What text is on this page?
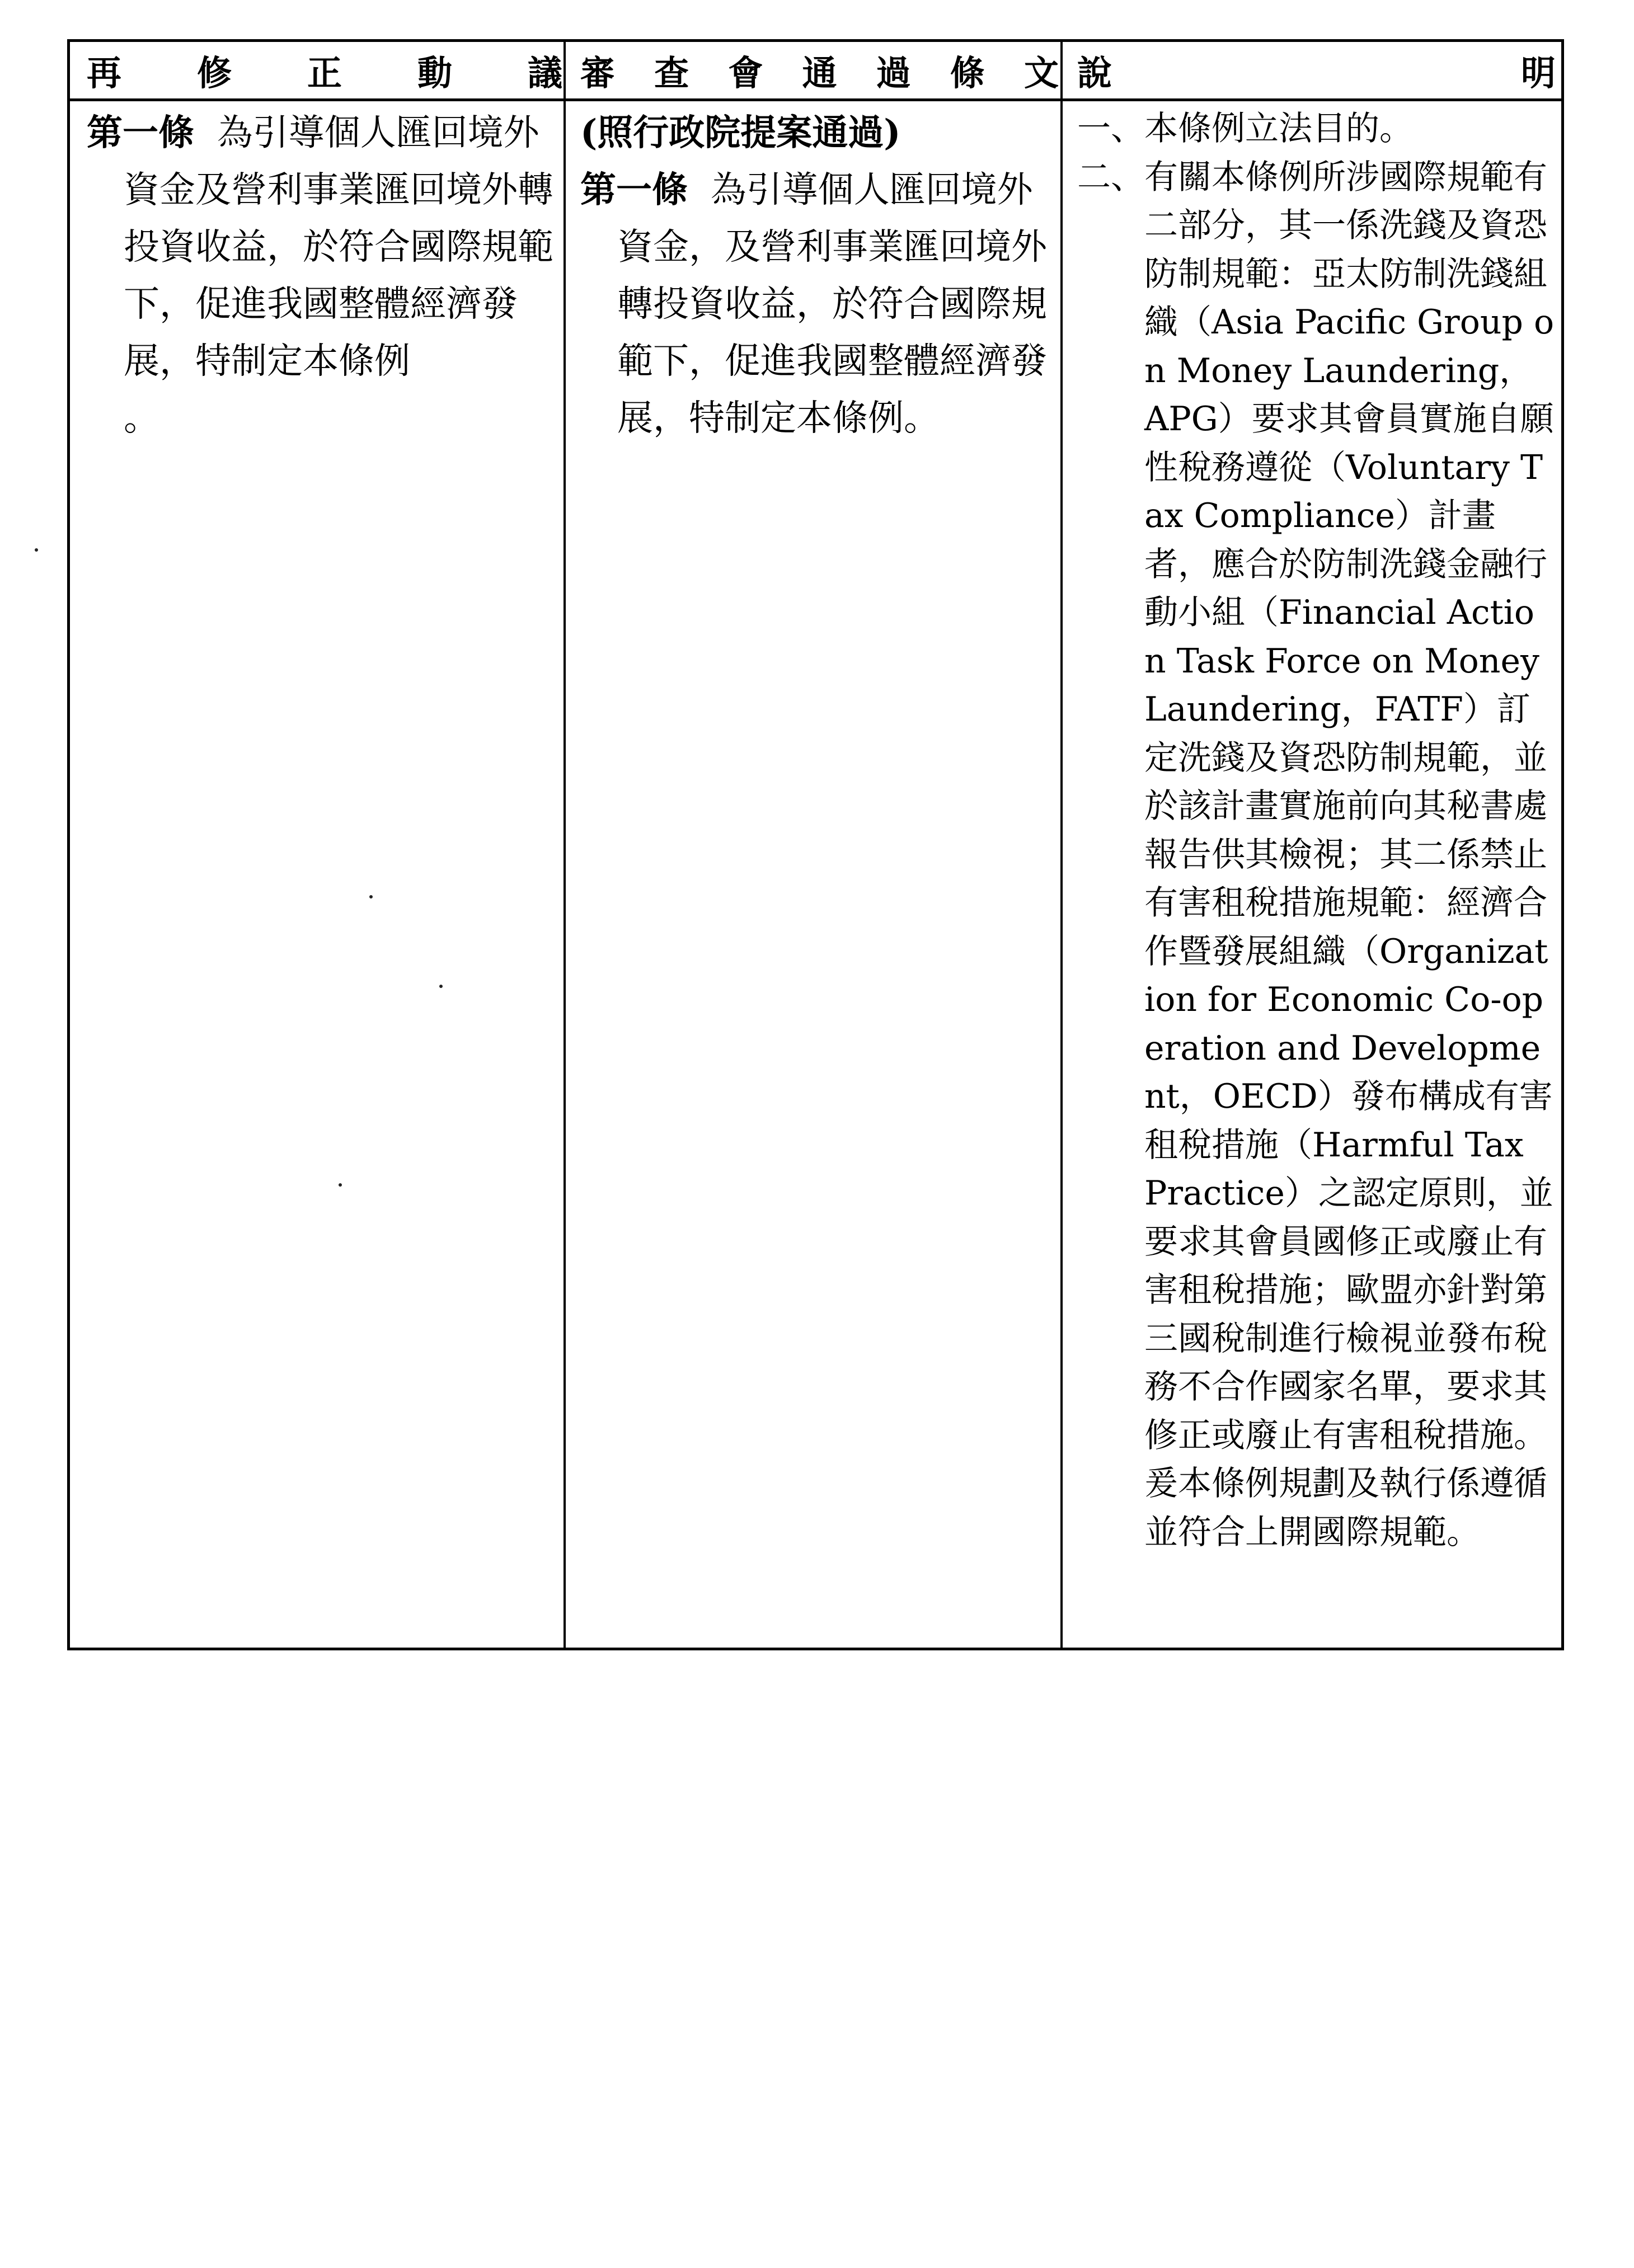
再 修 正 動 議 審 查 會 通 過 條 文 說	明
第一條 為引導個人匯回境外資金及營利事業匯回境外轉投資收益，於符合國際規範下，促進我國整體經濟發展，特制定本條例
。
(照行政院提案通過)
第一條 為引導個人匯回境外資金，及營利事業匯回境外轉投資收益，於符合國際規範下，促進我國整體經濟發展，特制定本條例。
一、 本條例立法目的。
二、 有關本條例所涉國際規範有二部分，其一係洗錢及資恐防制規範：亞太防制洗錢組織（Asia Pacific Group on Money Laundering，APG）要求其會員實施自願性稅務遵從（Voluntary Tax Compliance）計畫者，應合於防制洗錢金融行動小組（Financial Action Task Force on Money Laundering，FATF）訂定洗錢及資恐防制規範，並於該計畫實施前向其秘書處報告供其檢視；其二係禁止有害租稅措施規範：經濟合作暨發展組織（Organization for Economic Co-operation and Development，OECD）發布構成有害租稅措施（Harmful Tax Practice）之認定原則，並要求其會員國修正或廢止有害租稅措施；歐盟亦針對第三國稅制進行檢視並發布稅務不合作國家名單，要求其修正或廢止有害租稅措施。爰本條例規劃及執行係遵循並符合上開國際規範。
